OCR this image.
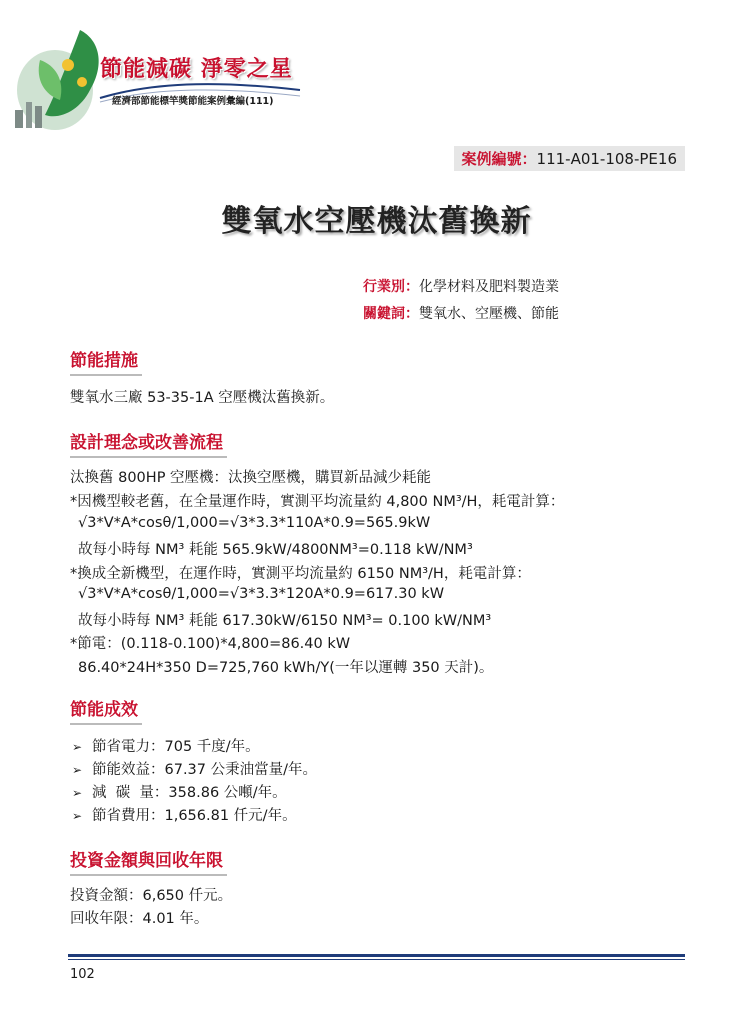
節能減碳 淨零之星
經濟部節能標竿獎節能案例彙編(111)
案例編號：111-A01-108-PE16
雙氧水空壓機汰舊換新
行業別：化學材料及肥料製造業
關鍵詞：雙氧水、空壓機、節能
節能措施
雙氧水三廠 53-35-1A 空壓機汰舊換新。
設計理念或改善流程
汰換舊 800HP 空壓機：汰換空壓機，購買新品減少耗能
*因機型較老舊，在全量運作時，實測平均流量約 4,800 NM³/H，耗電計算：
√3*V*A*cosθ/1,000=√3*3.3*110A*0.9=565.9kW
故每小時每 NM³ 耗能 565.9kW/4800NM³=0.118 kW/NM³
*換成全新機型，在運作時，實測平均流量約 6150 NM³/H，耗電計算：
√3*V*A*cosθ/1,000=√3*3.3*120A*0.9=617.30 kW
故每小時每 NM³ 耗能 617.30kW/6150 NM³= 0.100 kW/NM³
*節電：(0.118-0.100)*4,800=86.40 kW
86.40*24H*350 D=725,760 kWh/Y(一年以運轉 350 天計)。
節能成效
➢ 節省電力：705 千度/年。
➢ 節能效益：67.37 公秉油當量/年。
➢ 減  碳  量：358.86 公噸/年。
➢ 節省費用：1,656.81 仟元/年。
投資金額與回收年限
投資金額：6,650 仟元。
回收年限：4.01 年。
102
